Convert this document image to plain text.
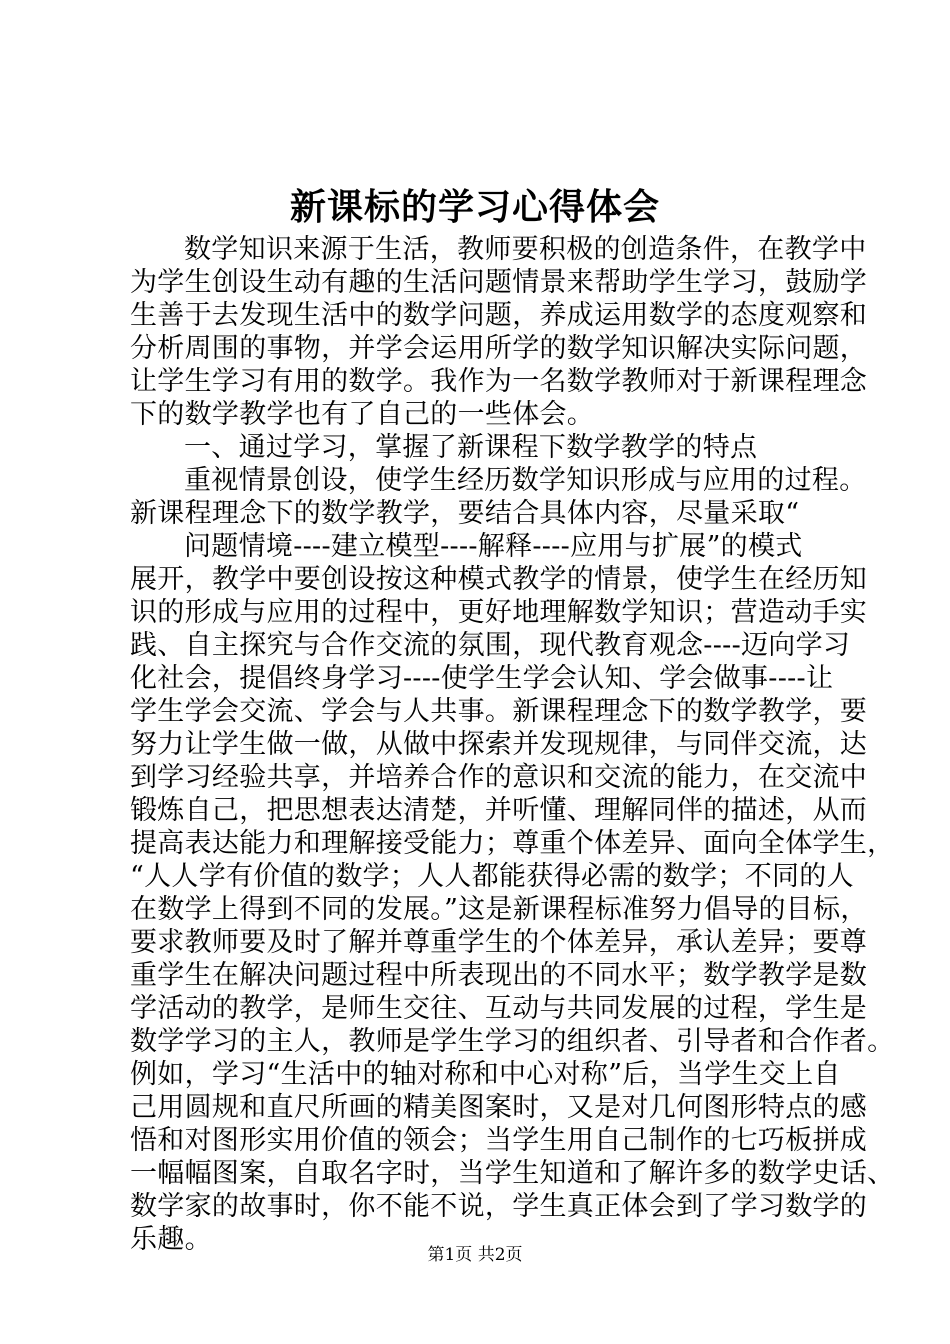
新课标的学习心得体会

数学知识来源于生活，教师要积极的创造条件，在教学中

为学生创设生动有趣的生活问题情景来帮助学生学习，鼓励学

生善于去发现生活中的数学问题，养成运用数学的态度观察和

分析周围的事物，并学会运用所学的数学知识解决实际问题，

让学生学习有用的数学。我作为一名数学教师对于新课程理念

下的数学教学也有了自己的一些体会。

一、通过学习，掌握了新课程下数学教学的特点

重视情景创设，使学生经历数学知识形成与应用的过程。

新课程理念下的数学教学，要结合具体内容，尽量采取“

问题情境----建立模型----解释----应用与扩展”的模式

展开，教学中要创设按这种模式教学的情景，使学生在经历知

识的形成与应用的过程中，更好地理解数学知识；营造动手实

践、自主探究与合作交流的氛围，现代教育观念----迈向学习

化社会，提倡终身学习----使学生学会认知、学会做事----让

学生学会交流、学会与人共事。新课程理念下的数学教学，要

努力让学生做一做，从做中探索并发现规律，与同伴交流，达

到学习经验共享，并培养合作的意识和交流的能力，在交流中

锻炼自己，把思想表达清楚，并听懂、理解同伴的描述，从而

提高表达能力和理解接受能力；尊重个体差异、面向全体学生，

“人人学有价值的数学；人人都能获得必需的数学；不同的人

在数学上得到不同的发展。”这是新课程标准努力倡导的目标，

要求教师要及时了解并尊重学生的个体差异，承认差异；要尊

重学生在解决问题过程中所表现出的不同水平；数学教学是数

学活动的教学，是师生交往、互动与共同发展的过程，学生是

数学学习的主人，教师是学生学习的组织者、引导者和合作者。

例如，学习“生活中的轴对称和中心对称”后，当学生交上自

己用圆规和直尺所画的精美图案时，又是对几何图形特点的感

悟和对图形实用价值的领会；当学生用自己制作的七巧板拼成

一幅幅图案，自取名字时，当学生知道和了解许多的数学史话、

数学家的故事时，你不能不说，学生真正体会到了学习数学的

乐趣。	第1页 共2页
